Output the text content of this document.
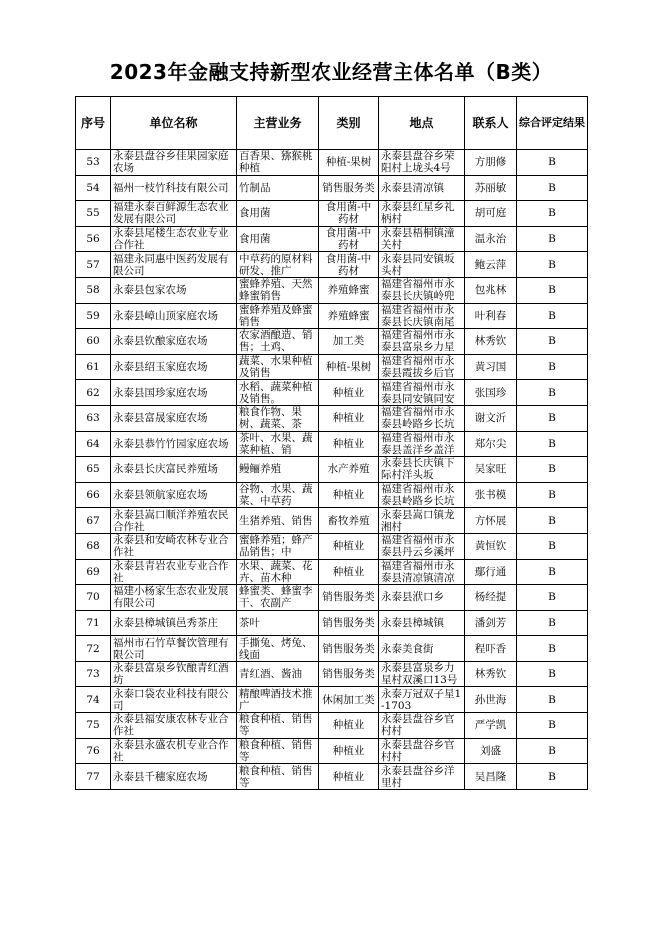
2023年金融支持新型农业经营主体名单（B类）
序号	单位名称	主营业务	类别	地点	联系人	综合评定结果

53	永泰县盘谷乡佳果园家庭农场	百香果、猕猴桃种植	种植-果树	永泰县盘谷乡荣阳村上垅头4号	方朋修	B

54	福州一枝竹科技有限公司	竹制品	销售服务类	永泰县清凉镇	苏丽敏	B

55	福建永泰百鲜源生态农业发展有限公司	食用菌	食用菌-中药材	永泰县红星乡礼柄村	胡可庭	B

56	永泰县尾楼生态农业专业合作社	食用菌	食用菌-中药材	永泰县梧桐镇潼关村	温永治	B

57	福建永同惠中医药发展有限公司	中草药的原材料研发、推广	食用菌-中药材	永泰县同安镇坂头村	鲍云萍	B

58	永泰县包家农场	蜜蜂养殖、天然蜂蜜销售	养殖蜂蜜	福建省福州市永泰县长庆镇岭兜	包兆林	B

59	永泰县嶂山顶家庭农场	蜜蜂养殖及蜂蜜销售	养殖蜂蜜	福建省福州市永泰县长庆镇南尾	叶利春	B

60	永泰县钦酿家庭农场	农家酒酿造、销售；土鸡、	加工类	福建省福州市永泰县富泉乡力星	林秀钦	B

61	永泰县绍玉家庭农场	蔬菜、水果种植及销售	种植-果树	福建省福州市永泰县霞拔乡后官	黄习国	B

62	永泰县国珍家庭农场	水稻、蔬菜种植及销售。	种植业	福建省福州市永泰县同安镇同安	张国珍	B

63	永泰县富晟家庭农场	粮食作物、果树、蔬菜、茶	种植业	福建省福州市永泰县岭路乡长坑	谢文沂	B

64	永泰县恭竹竹园家庭农场	茶叶、水果、蔬菜种植、销	种植业	福建省福州市永泰县盖洋乡盖洋	郑尔尖	B

65	永泰县长庆富民养殖场	鳗鲡养殖	水产养殖	永泰县长庆镇下际村洋头坂	吴家旺	B

66	永泰县领航家庭农场	谷物、水果、蔬菜、中草药	种植业	福建省福州市永泰县岭路乡长坑	张书模	B

67	永泰县嵩口顺洋养殖农民合作社	生猪养殖、销售	畜牧养殖	永泰县嵩口镇龙湘村	方怀展	B

68	永泰县和安崎农林专业合作社	蜜蜂养殖；蜂产品销售；中	种植业	福建省福州市永泰县丹云乡溪坪	黄恒钦	B

69	永泰县青岩农业专业合作社	水果、蔬菜、花卉、苗木种	种植业	福建省福州市永泰县清凉镇清凉	鄢行通	B

70	福建小杨家生态农业发展有限公司	蜂蜜类、蜂蜜李干、农副产	销售服务类	永泰县洑口乡	杨经提	B

71	永泰县樟城镇邑秀茶庄	茶叶	销售服务类	永泰县樟城镇	潘剑芳	B

72	福州市石竹草餐饮管理有限公司	手撕兔、烤兔、线面	销售服务类	永泰美食街	程吓香	B

73	永泰县富泉乡钦酿青红酒坊	青红酒、酱油	销售服务类	永泰县富泉乡力星村双溪口13号	林秀钦	B

74	永泰口袋农业科技有限公司	精酿啤酒技术推广	休闲加工类	永泰万冠双子星1-1703	孙世海	B

75	永泰县福安康农林专业合作社	粮食种植、销售等	种植业	永泰县盘谷乡官村村	严学凯	B

76	永泰县永盛农机专业合作社	粮食种植、销售等	种植业	永泰县盘谷乡官村村	刘盛	B

77	永泰县千穗家庭农场	粮食种植、销售等	种植业	永泰县盘谷乡洋里村	吴昌隆	B
